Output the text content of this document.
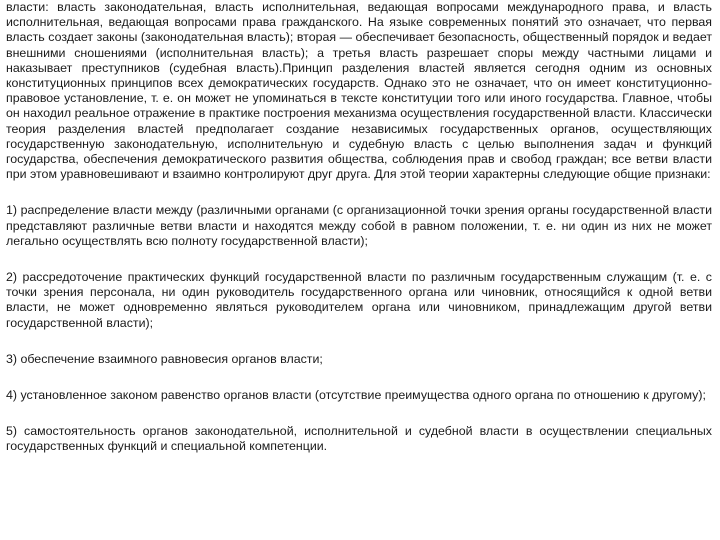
власти: власть законодательная, власть исполнительная, ведающая вопросами международного права, и власть исполнительная, ведающая вопросами права гражданского. На языке современных понятий это означает, что первая власть создает законы (законодательная власть); вторая — обеспечивает безопасность, общественный порядок и ведает внешними сношениями (исполнительная власть); а третья власть разрешает споры между частными лицами и наказывает преступников (судебная власть).Принцип разделения властей является сегодня одним из основных конституционных принципов всех демократических государств. Однако это не означает, что он имеет конституционно-правовое установление, т. е. он может не упоминаться в тексте конституции того или иного государства. Главное, чтобы он находил реальное отражение в практике построения механизма осуществления государственной власти. Классически теория разделения властей предполагает создание независимых государственных органов, осуществляющих государственную законодательную, исполнительную и судебную власть с целью выполнения задач и функций государства, обеспечения демократического развития общества, соблюдения прав и свобод граждан; все ветви власти при этом уравновешивают и взаимно контролируют друг друга. Для этой теории характерны следующие общие признаки:

1) распределение власти между (различными органами (с организационной точки зрения органы государственной власти представляют различные ветви власти и находятся между собой в равном положении, т. е. ни один из них не может легально осуществлять всю полноту государственной власти);

2) рассредоточение практических функций государственной власти по различным государственным служащим (т. е. с точки зрения персонала, ни один руководитель государственного органа или чиновник, относящийся к одной ветви власти, не может одновременно являться руководителем органа или чиновником, принадлежащим другой ветви государственной власти);

3) обеспечение взаимного равновесия органов власти;

4) установленное законом равенство органов власти (отсутствие преимущества одного органа по отношению к другому);

5) самостоятельность органов законодательной, исполнительной и судебной власти в осуществлении специальных государственных функций и специальной компетенции.
